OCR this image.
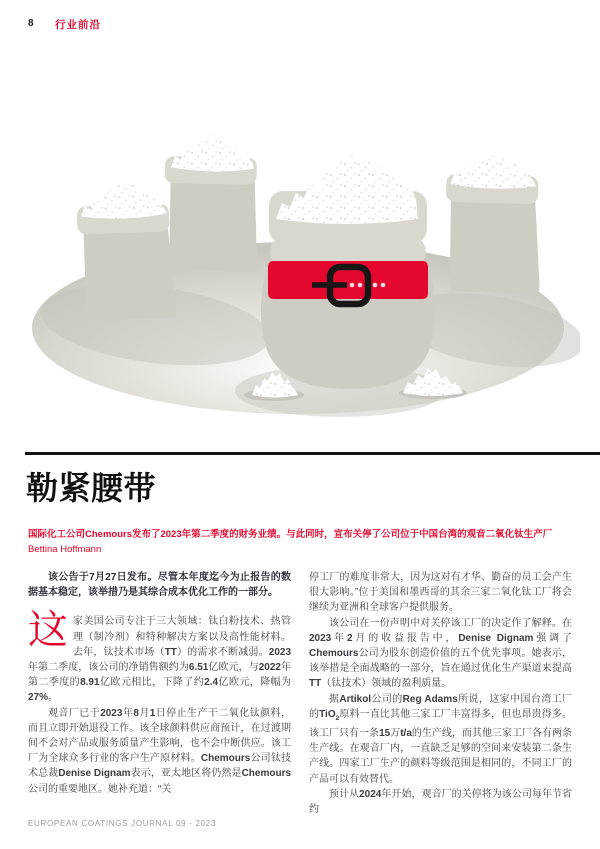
8 行业前沿
勒紧腰带
国际化工公司Chemours发布了2023年第二季度的财务业绩。与此同时，宣布关停了公司位于中国台湾的观音二氧化钛生产厂
Bettina Hoffmann

该公告于7月27日发布。尽管本年度迄今为止报告的数据基本稳定，该举措乃是其综合成本优化工作的一部分。

这家美国公司专注于三大领域：钛白粉技术、热管理（制冷剂）和特种解决方案以及高性能材料。去年，钛技术市场（TT）的需求不断减弱。2023年第二季度，该公司的净销售额约为6.51亿欧元，与2022年第二季度的8.91亿欧元相比，下降了约2.4亿欧元，降幅为27%。

观音厂已于2023年8月1日停止生产干二氧化钛颜料，而且立即开始退役工作。该全球颜料供应商预计，在过渡期间不会对产品或服务质量产生影响，也不会中断供应。该工厂为全球众多行业的客户生产原材料。Chemours公司钛技术总裁Denise Dignam表示，亚太地区将仍然是Chemours公司的重要地区。她补充道：“关

停工厂的难度非常大，因为这对有才华、勤奋的员工会产生很大影响。”位于美国和墨西哥的其余三家二氧化钛工厂将会继续为亚洲和全球客户提供服务。

该公司在一份声明中对关停该工厂的决定作了解释。在2023年2月的收益报告中，Denise Dignam强调了Chemours公司为股东创造价值的五个优先事项。她表示，该举措是全面战略的一部分，旨在通过优化生产渠道来提高TT（钛技术）领域的盈利质量。

据Artikol公司的Reg Adams所说，这家中国台湾工厂的TiO$_2$原料一直比其他三家工厂丰富得多，但也昂贵得多。该工厂只有一条15万t/a的生产线，而其他三家工厂各有两条生产线。在观音厂内，一直缺乏足够的空间来安装第二条生产线。四家工厂生产的颜料等级范围是相同的，不同工厂的产品可以有效替代。

预计从2024年开始，观音厂的关停将为该公司每年节省约

EUROPEAN COATINGS JOURNAL 09 - 2023
